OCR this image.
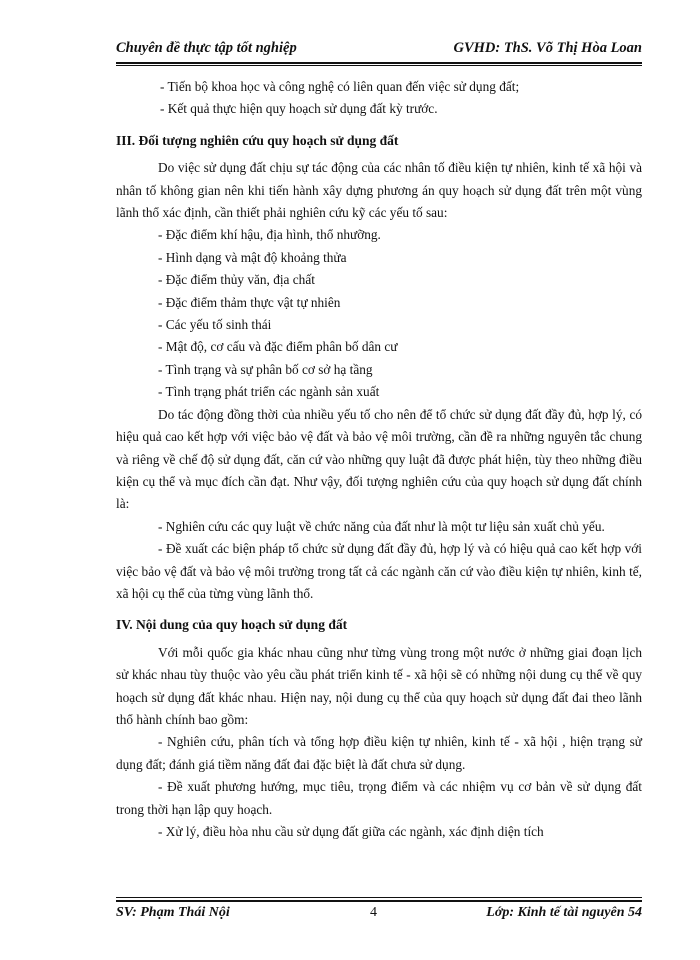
Chuyên đề thực tập tốt nghiệp	GVHD: ThS. Võ Thị Hòa Loan

- Tiến bộ khoa học và công nghệ có liên quan đến việc sử dụng đất;

- Kết quả thực hiện quy hoạch sử dụng đất kỳ trước.

III. Đối tượng nghiên cứu quy hoạch sử dụng đất

Do việc sử dụng đất chịu sự tác động của các nhân tố điều kiện tự nhiên, kinh tế xã hội và nhân tố không gian nên khi tiến hành xây dựng phương án quy hoạch sử dụng đất trên một vùng lãnh thổ xác định, cần thiết phải nghiên cứu kỹ các yếu tố sau:

- Đặc điểm khí hậu, địa hình, thổ nhưỡng.

- Hình dạng và mật độ khoảng thửa

- Đặc điểm thủy văn, địa chất

- Đặc điểm thảm thực vật tự nhiên

- Các yếu tố sinh thái

- Mật độ, cơ cấu và đặc điểm phân bố dân cư

- Tình trạng và sự phân bố cơ sở hạ tầng

- Tình trạng phát triển các ngành sản xuất

Do tác động đồng thời của nhiều yếu tố cho nên để tổ chức sử dụng đất đầy đủ, hợp lý, có hiệu quả cao kết hợp với việc bảo vệ đất và bảo vệ môi trường, cần đề ra những nguyên tắc chung và riêng về chế độ sử dụng đất, căn cứ vào những quy luật đã được phát hiện, tùy theo những điều kiện cụ thể và mục đích cần đạt. Như vậy, đối tượng nghiên cứu của quy hoạch sử dụng đất chính là:

- Nghiên cứu các quy luật về chức năng của đất như là một tư liệu sản xuất chủ yếu.

- Đề xuất các biện pháp tổ chức sử dụng đất đầy đủ, hợp lý và có hiệu quả cao kết hợp với việc bảo vệ đất và bảo vệ môi trường trong tất cả các ngành căn cứ vào điều kiện tự nhiên, kinh tế, xã hội cụ thể của từng vùng lãnh thổ.

IV. Nội dung của quy hoạch sử dụng đất

Với mỗi quốc gia khác nhau cũng như từng vùng trong một nước ở những giai đoạn lịch sử khác nhau tùy thuộc vào yêu cầu phát triển kinh tế - xã hội sẽ có những nội dung cụ thể về quy hoạch sử dụng đất khác nhau. Hiện nay, nội dung cụ thể của quy hoạch sử dụng đất đai theo lãnh thổ hành chính bao gồm:

- Nghiên cứu, phân tích và tổng hợp điều kiện tự nhiên, kinh tế - xã hội , hiện trạng sử dụng đất; đánh giá tiềm năng đất đai đặc biệt là đất chưa sử dụng.

- Đề xuất phương hướng, mục tiêu, trọng điểm và các nhiệm vụ cơ bản về sử dụng đất trong thời hạn lập quy hoạch.

- Xử lý, điều hòa nhu cầu sử dụng đất giữa các ngành, xác định diện tích

SV: Phạm Thái Nội	4	Lớp: Kinh tế tài nguyên 54
